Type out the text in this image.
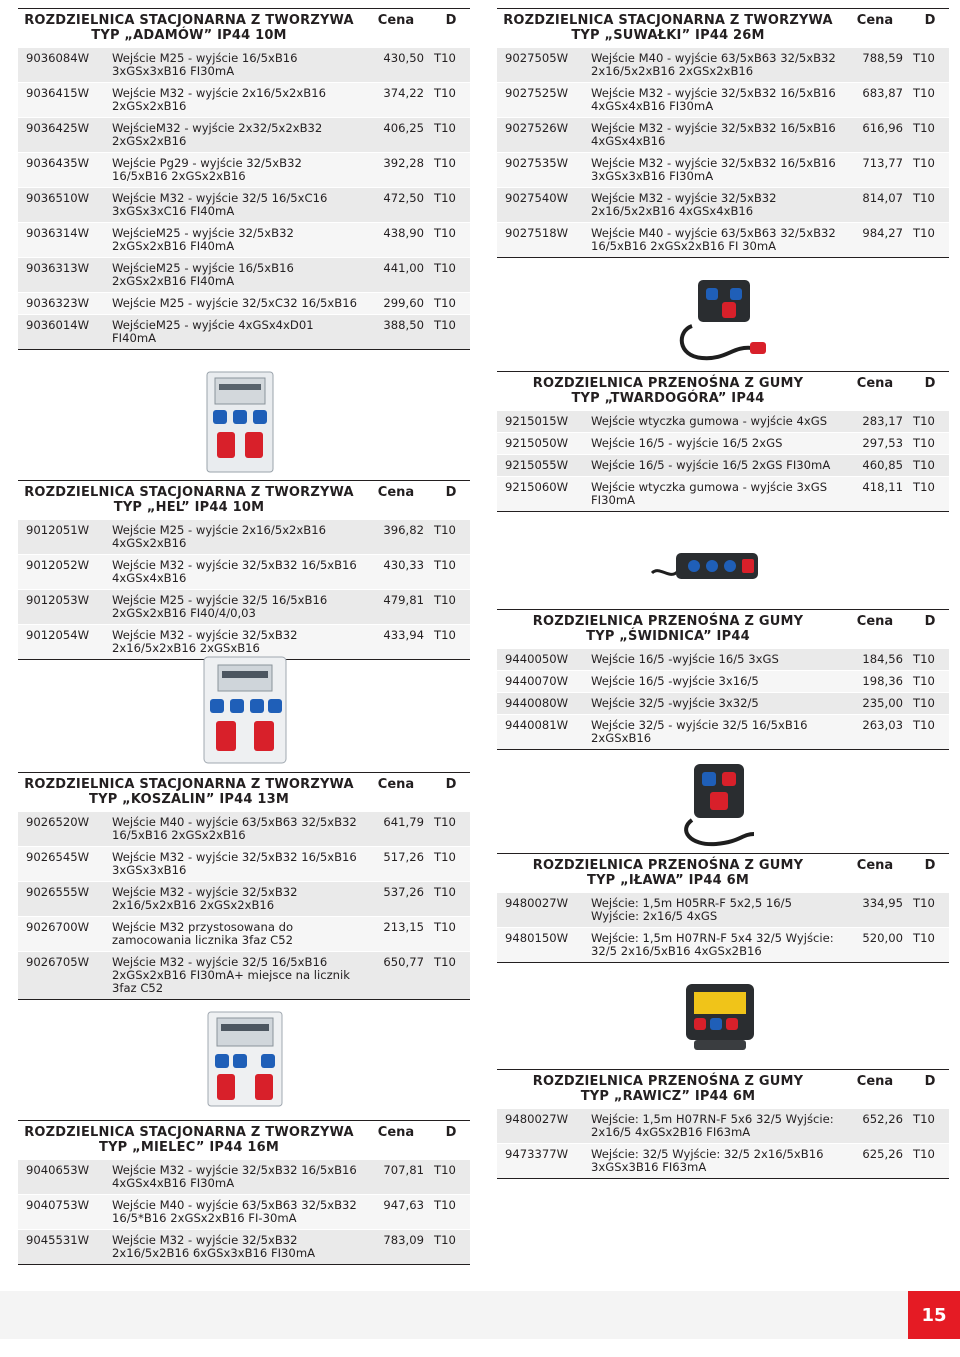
ROZDZIELNICA STACJONARNA Z TWORZYWA
TYP „ADAMÓW” IP44 10M		Cena	D
9036084W	Wejście M25 - wyjście 16/5xB16 3xGSx3xB16 FI30mA	430,50	T10
9036415W	Wejście M32 - wyjście 2x16/5x2xB16 2xGSx2xB16	374,22	T10
9036425W	WejścieM32 - wyjście 2x32/5x2xB32 2xGSx2xB16	406,25	T10
9036435W	Wejście Pg29 - wyjście 32/5xB32 16/5xB16 2xGSx2xB16	392,28	T10
9036510W	Wejście M32 - wyjście 32/5 16/5xC16 3xGSx3xC16 FI40mA	472,50	T10
9036314W	WejścieM25 - wyjście 32/5xB32 2xGSx2xB16 FI40mA	438,90	T10
9036313W	WejścieM25 - wyjście 16/5xB16 2xGSx2xB16 FI40mA	441,00	T10
9036323W	Wejście M25 - wyjście 32/5xC32 16/5xB16	299,60	T10
9036014W	WejścieM25 - wyjście 4xGSx4xD01 FI40mA	388,50	T10
ROZDZIELNICA STACJONARNA Z TWORZYWA
TYP „HEL” IP44 10M		Cena	D
9012051W	Wejście M25 - wyjście 2x16/5x2xB16 4xGSx2xB16	396,82	T10
9012052W	Wejście M32 - wyjście 32/5xB32 16/5xB16 4xGSx4xB16	430,33	T10
9012053W	Wejście M25 - wyjście 32/5 16/5xB16 2xGSx2xB16 FI40/4/0,03	479,81	T10
9012054W	Wejście M32 - wyjście 32/5xB32 2x16/5x2xB16 2xGSxB16	433,94	T10
ROZDZIELNICA STACJONARNA Z TWORZYWA
TYP „KOSZALIN” IP44 13M		Cena	D
9026520W	Wejście M40 - wyjście 63/5xB63 32/5xB32 16/5xB16 2xGSx2xB16	641,79	T10
9026545W	Wejście M32 - wyjście 32/5xB32 16/5xB16 3xGSx3xB16	517,26	T10
9026555W	Wejście M32 - wyjście 32/5xB32 2x16/5x2xB16 2xGSx2xB16	537,26	T10
9026700W	Wejście M32 przystosowana do zamocowania licznika 3faz C52	213,15	T10
9026705W	Wejście M32 - wyjście 32/5 16/5xB16 2xGSx2xB16 FI30mA+ miejsce na licznik 3faz C52	650,77	T10
ROZDZIELNICA STACJONARNA Z TWORZYWA
TYP „MIELEC” IP44 16M		Cena	D
9040653W	Wejście M32 - wyjście 32/5xB32 16/5xB16 4xGSx4xB16 FI30mA	707,81	T10
9040753W	Wejście M40 - wyjście 63/5xB63 32/5xB32 16/5*B16 2xGSx2xB16 FI-30mA	947,63	T10
9045531W	Wejście M32 - wyjście 32/5xB32 2x16/5x2B16 6xGSx3xB16 FI30mA	783,09	T10
ROZDZIELNICA STACJONARNA Z TWORZYWA
TYP „SUWAŁKI” IP44 26M		Cena	D
9027505W	Wejście M40 - wyjście 63/5xB63 32/5xB32 2x16/5x2xB16 2xGSx2xB16	788,59	T10
9027525W	Wejście M32 - wyjście 32/5xB32 16/5xB16 4xGSx4xB16 FI30mA	683,87	T10
9027526W	Wejście M32 - wyjście 32/5xB32 16/5xB16 4xGSx4xB16	616,96	T10
9027535W	Wejście M32 - wyjście 32/5xB32 16/5xB16 3xGSx3xB16 FI30mA	713,77	T10
9027540W	Wejście M32 - wyjście 32/5xB32 2x16/5x2xB16 4xGSx4xB16	814,07	T10
9027518W	Wejście M40 - wyjście 63/5xB63 32/5xB32 16/5xB16 2xGSx2xB16 FI 30mA	984,27	T10
ROZDZIELNICA PRZENOŚNA Z GUMY
TYP „TWARDOGÓRA” IP44		Cena	D
9215015W	Wejście wtyczka gumowa - wyjście 4xGS	283,17	T10
9215050W	Wejście 16/5 - wyjście 16/5 2xGS	297,53	T10
9215055W	Wejście 16/5 - wyjście 16/5 2xGS FI30mA	460,85	T10
9215060W	Wejście wtyczka gumowa - wyjście 3xGS FI30mA	418,11	T10
ROZDZIELNICA PRZENOŚNA Z GUMY
TYP „ŚWIDNICA” IP44		Cena	D
9440050W	Wejście 16/5 -wyjście 16/5 3xGS	184,56	T10
9440070W	Wejście 16/5 -wyjście 3x16/5	198,36	T10
9440080W	Wejście 32/5 -wyjście 3x32/5	235,00	T10
9440081W	Wejście 32/5 - wyjście 32/5 16/5xB16 2xGSxB16	263,03	T10
ROZDZIELNICA PRZENOŚNA Z GUMY
TYP „IŁAWA” IP44 6M		Cena	D
9480027W	Wejście: 1,5m H05RR-F 5x2,5 16/5 Wyjście: 2x16/5 4xGS	334,95	T10
9480150W	Wejście: 1,5m H07RN-F 5x4 32/5 Wyjście: 32/5 2x16/5xB16 4xGSx2B16	520,00	T10
ROZDZIELNICA PRZENOŚNA Z GUMY
TYP „RAWICZ” IP44 6M		Cena	D
9480027W	Wejście: 1,5m H07RN-F 5x6 32/5 Wyjście: 2x16/5 4xGSx2B16 FI63mA	652,26	T10
9473377W	Wejście: 32/5 Wyjście: 32/5 2x16/5xB16 3xGSx3B16 FI63mA	625,26	T10
15
